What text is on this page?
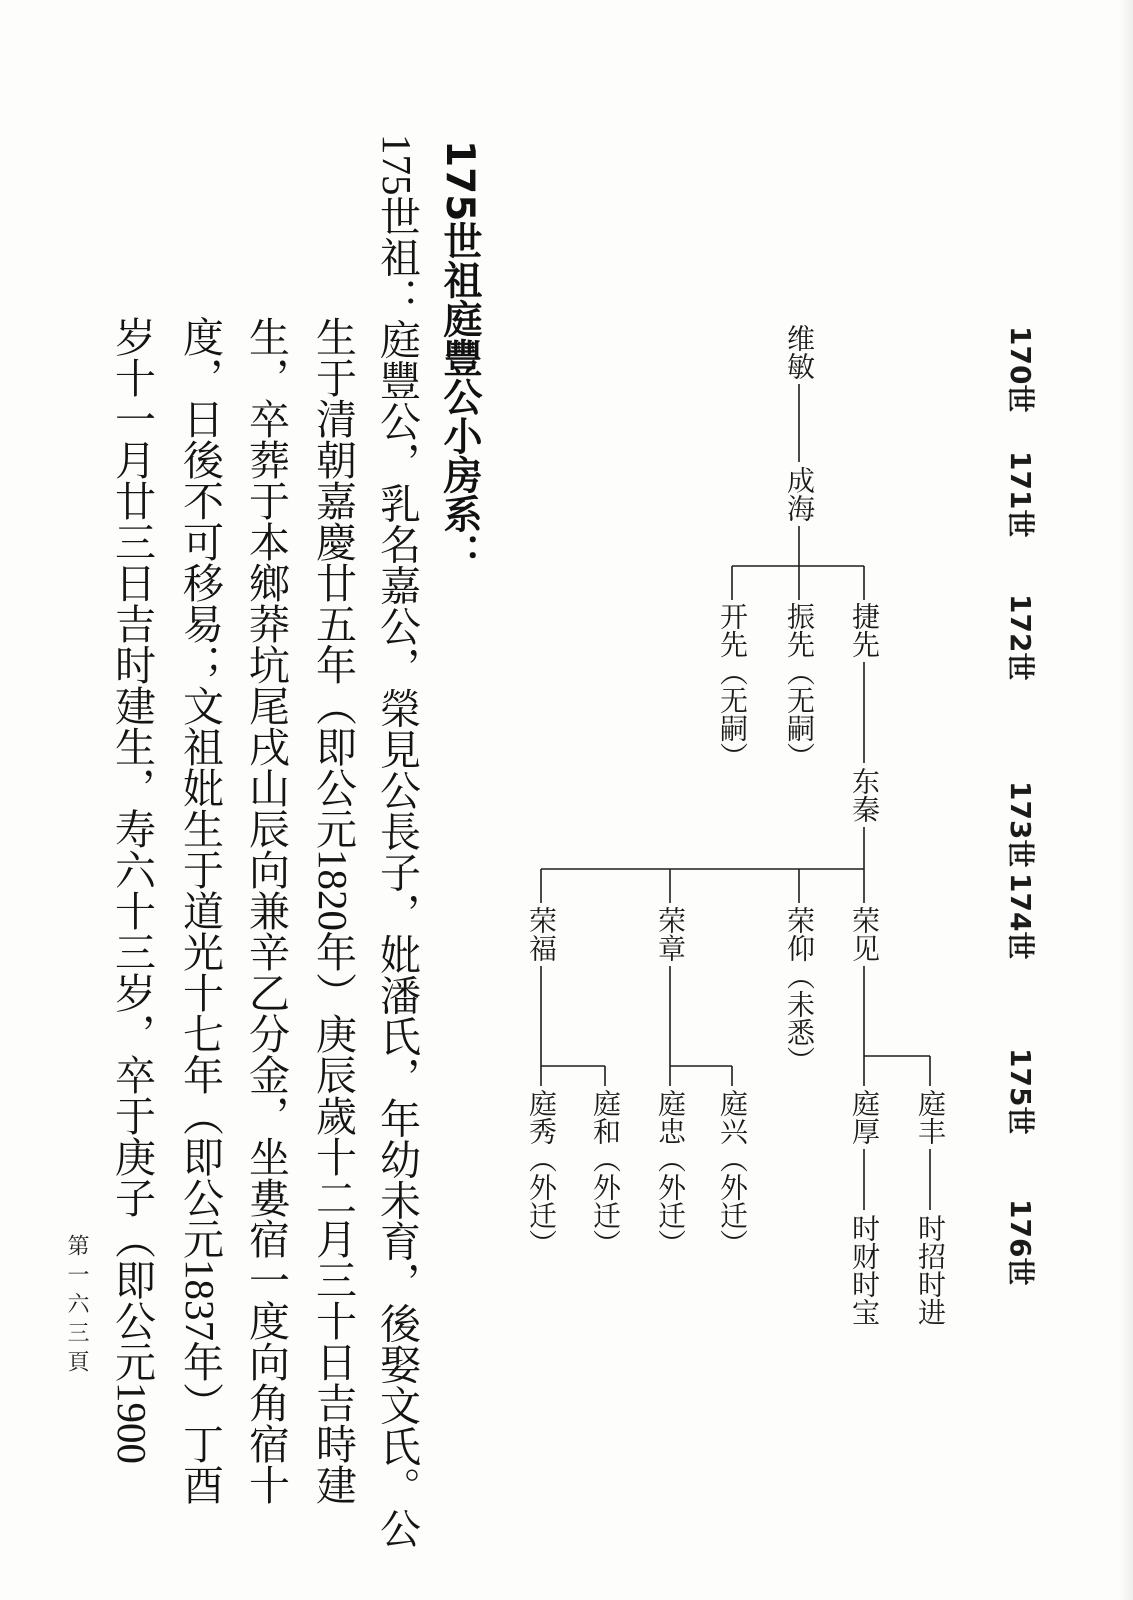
170世
171世
172世
173世
174世
175世
176世
维敏
成海
捷先
振先（无嗣）
开先（无嗣）
东秦
荣见
荣仰（未悉）
荣章
荣福
庭丰
庭厚
庭兴（外迁）
庭忠（外迁）
庭和（外迁）
庭秀（外迁）
时招时进
时财时宝
175世祖庭豐公小房系：
175世祖：庭豐公，乳名嘉公，榮見公長子，妣潘氏，年幼未育，後娶文氏。公
生于清朝嘉慶廿五年（即公元1820年）庚辰歲十二月三十日吉時建
生，卒葬于本鄉莽坑尾戌山辰向兼辛乙分金，坐婁宿一度向角宿十
度，日後不可移易；文祖妣生于道光十七年（即公元1837年）丁酉
岁十一月廿三日吉时建生，寿六十三岁，卒于庚子（即公元1900
第一六三頁
